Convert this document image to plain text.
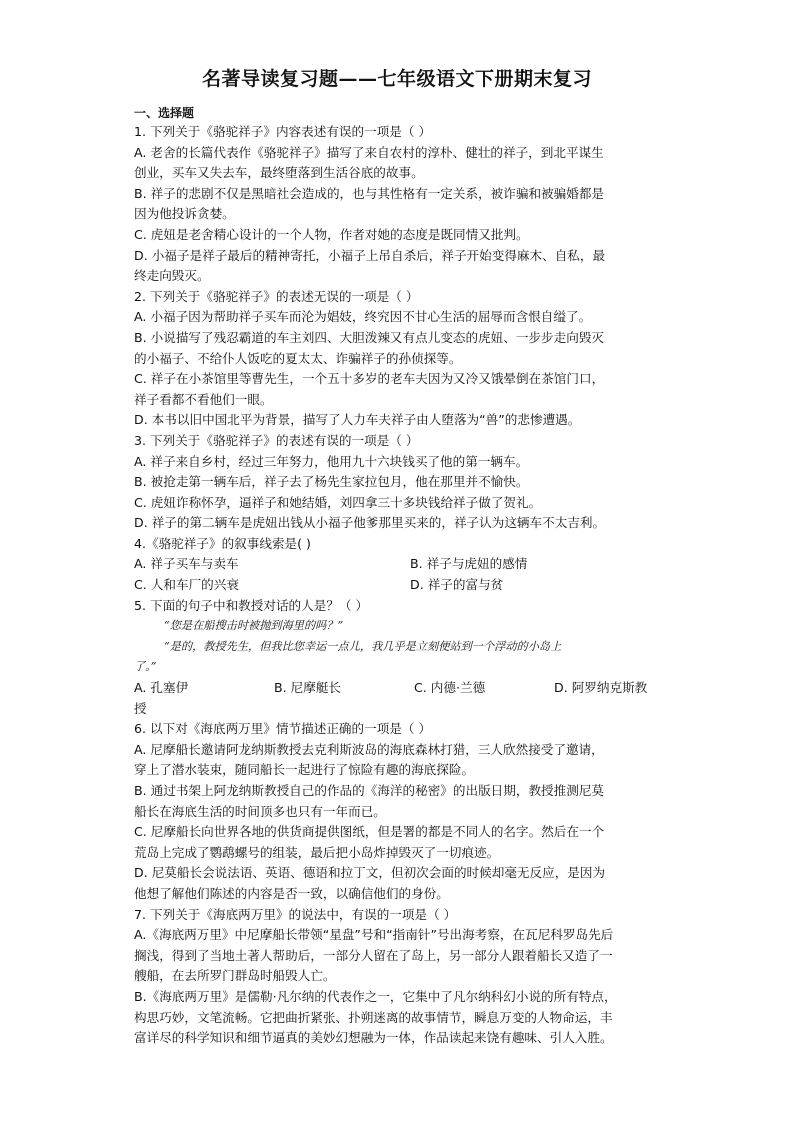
名著导读复习题——七年级语文下册期末复习
一、选择题
1. 下列关于《骆驼祥子》内容表述有误的一项是（ ）
A. 老舍的长篇代表作《骆驼祥子》描写了来自农村的淳朴、健壮的祥子，到北平谋生
创业，买车又失去车，最终堕落到生活谷底的故事。
B. 祥子的悲剧不仅是黑暗社会造成的，也与其性格有一定关系，被诈骗和被骗婚都是
因为他投诉贪婪。
C. 虎妞是老舍精心设计的一个人物，作者对她的态度是既同情又批判。
D. 小福子是祥子最后的精神寄托，小福子上吊自杀后，祥子开始变得麻木、自私，最
终走向毁灭。
2. 下列关于《骆驼祥子》的表述无误的一项是（ ）
A. 小福子因为帮助祥子买车而沦为娼妓，终究因不甘心生活的屈辱而含恨自缢了。
B. 小说描写了残忍霸道的车主刘四、大胆泼辣又有点儿变态的虎妞、一步步走向毁灭
的小福子、不给仆人饭吃的夏太太、诈骗祥子的孙侦探等。
C. 祥子在小茶馆里等曹先生，一个五十多岁的老车夫因为又冷又饿晕倒在茶馆门口，
祥子看都不看他们一眼。
D. 本书以旧中国北平为背景，描写了人力车夫祥子由人堕落为“兽”的悲惨遭遇。
3. 下列关于《骆驼祥子》的表述有误的一项是（ ）
A. 祥子来自乡村，经过三年努力，他用九十六块钱买了他的第一辆车。
B. 被抢走第一辆车后，祥子去了杨先生家拉包月，他在那里并不愉快。
C. 虎妞诈称怀孕，逼祥子和她结婚，刘四拿三十多块钱给祥子做了贺礼。
D. 祥子的第二辆车是虎妞出钱从小福子他爹那里买来的，祥子认为这辆车不太吉利。
4.《骆驼祥子》的叙事线索是( )
A. 祥子买车与卖车	B. 祥子与虎妞的感情
C. 人和车厂的兴衰	D. 祥子的富与贫
5. 下面的句子中和教授对话的人是？（ ）
“您是在船搜击时被抛到海里的吗？”
“是的，教授先生，但我比您幸运一点儿，我几乎是立刻便站到一个浮动的小岛上
了。”
A. 孔塞伊	B. 尼摩艇长	C. 内德·兰德	D. 阿罗纳克斯教
授
6. 以下对《海底两万里》情节描述正确的一项是（ ）
A. 尼摩船长邀请阿龙纳斯教授去克利斯波岛的海底森林打猎，三人欣然接受了邀请，
穿上了潜水装束，随同船长一起进行了惊险有趣的海底探险。
B. 通过书架上阿龙纳斯教授自己的作品的《海洋的秘密》的出版日期，教授推测尼莫
船长在海底生活的时间顶多也只有一年而已。
C. 尼摩船长向世界各地的供货商提供图纸，但是署的都是不同人的名字。然后在一个
荒岛上完成了鹦鹉螺号的组装，最后把小岛炸掉毁灭了一切痕迹。
D. 尼莫船长会说法语、英语、德语和拉丁文，但初次会面的时候却毫无反应，是因为
他想了解他们陈述的内容是否一致，以确信他们的身份。
7. 下列关于《海底两万里》的说法中，有误的一项是（ ）
A.《海底两万里》中尼摩船长带领“星盘”号和“指南针”号出海考察，在瓦尼科罗岛先后
搁浅，得到了当地土著人帮助后，一部分人留在了岛上，另一部分人跟着船长又造了一
艘船，在去所罗门群岛时船毁人亡。
B.《海底两万里》是儒勒·凡尔纳的代表作之一，它集中了凡尔纳科幻小说的所有特点，
构思巧妙，文笔流畅。它把曲折紧张、扑朔迷离的故事情节，瞬息万变的人物命运，丰
富详尽的科学知识和细节逼真的美妙幻想融为一体，作品读起来饶有趣味、引人入胜。
